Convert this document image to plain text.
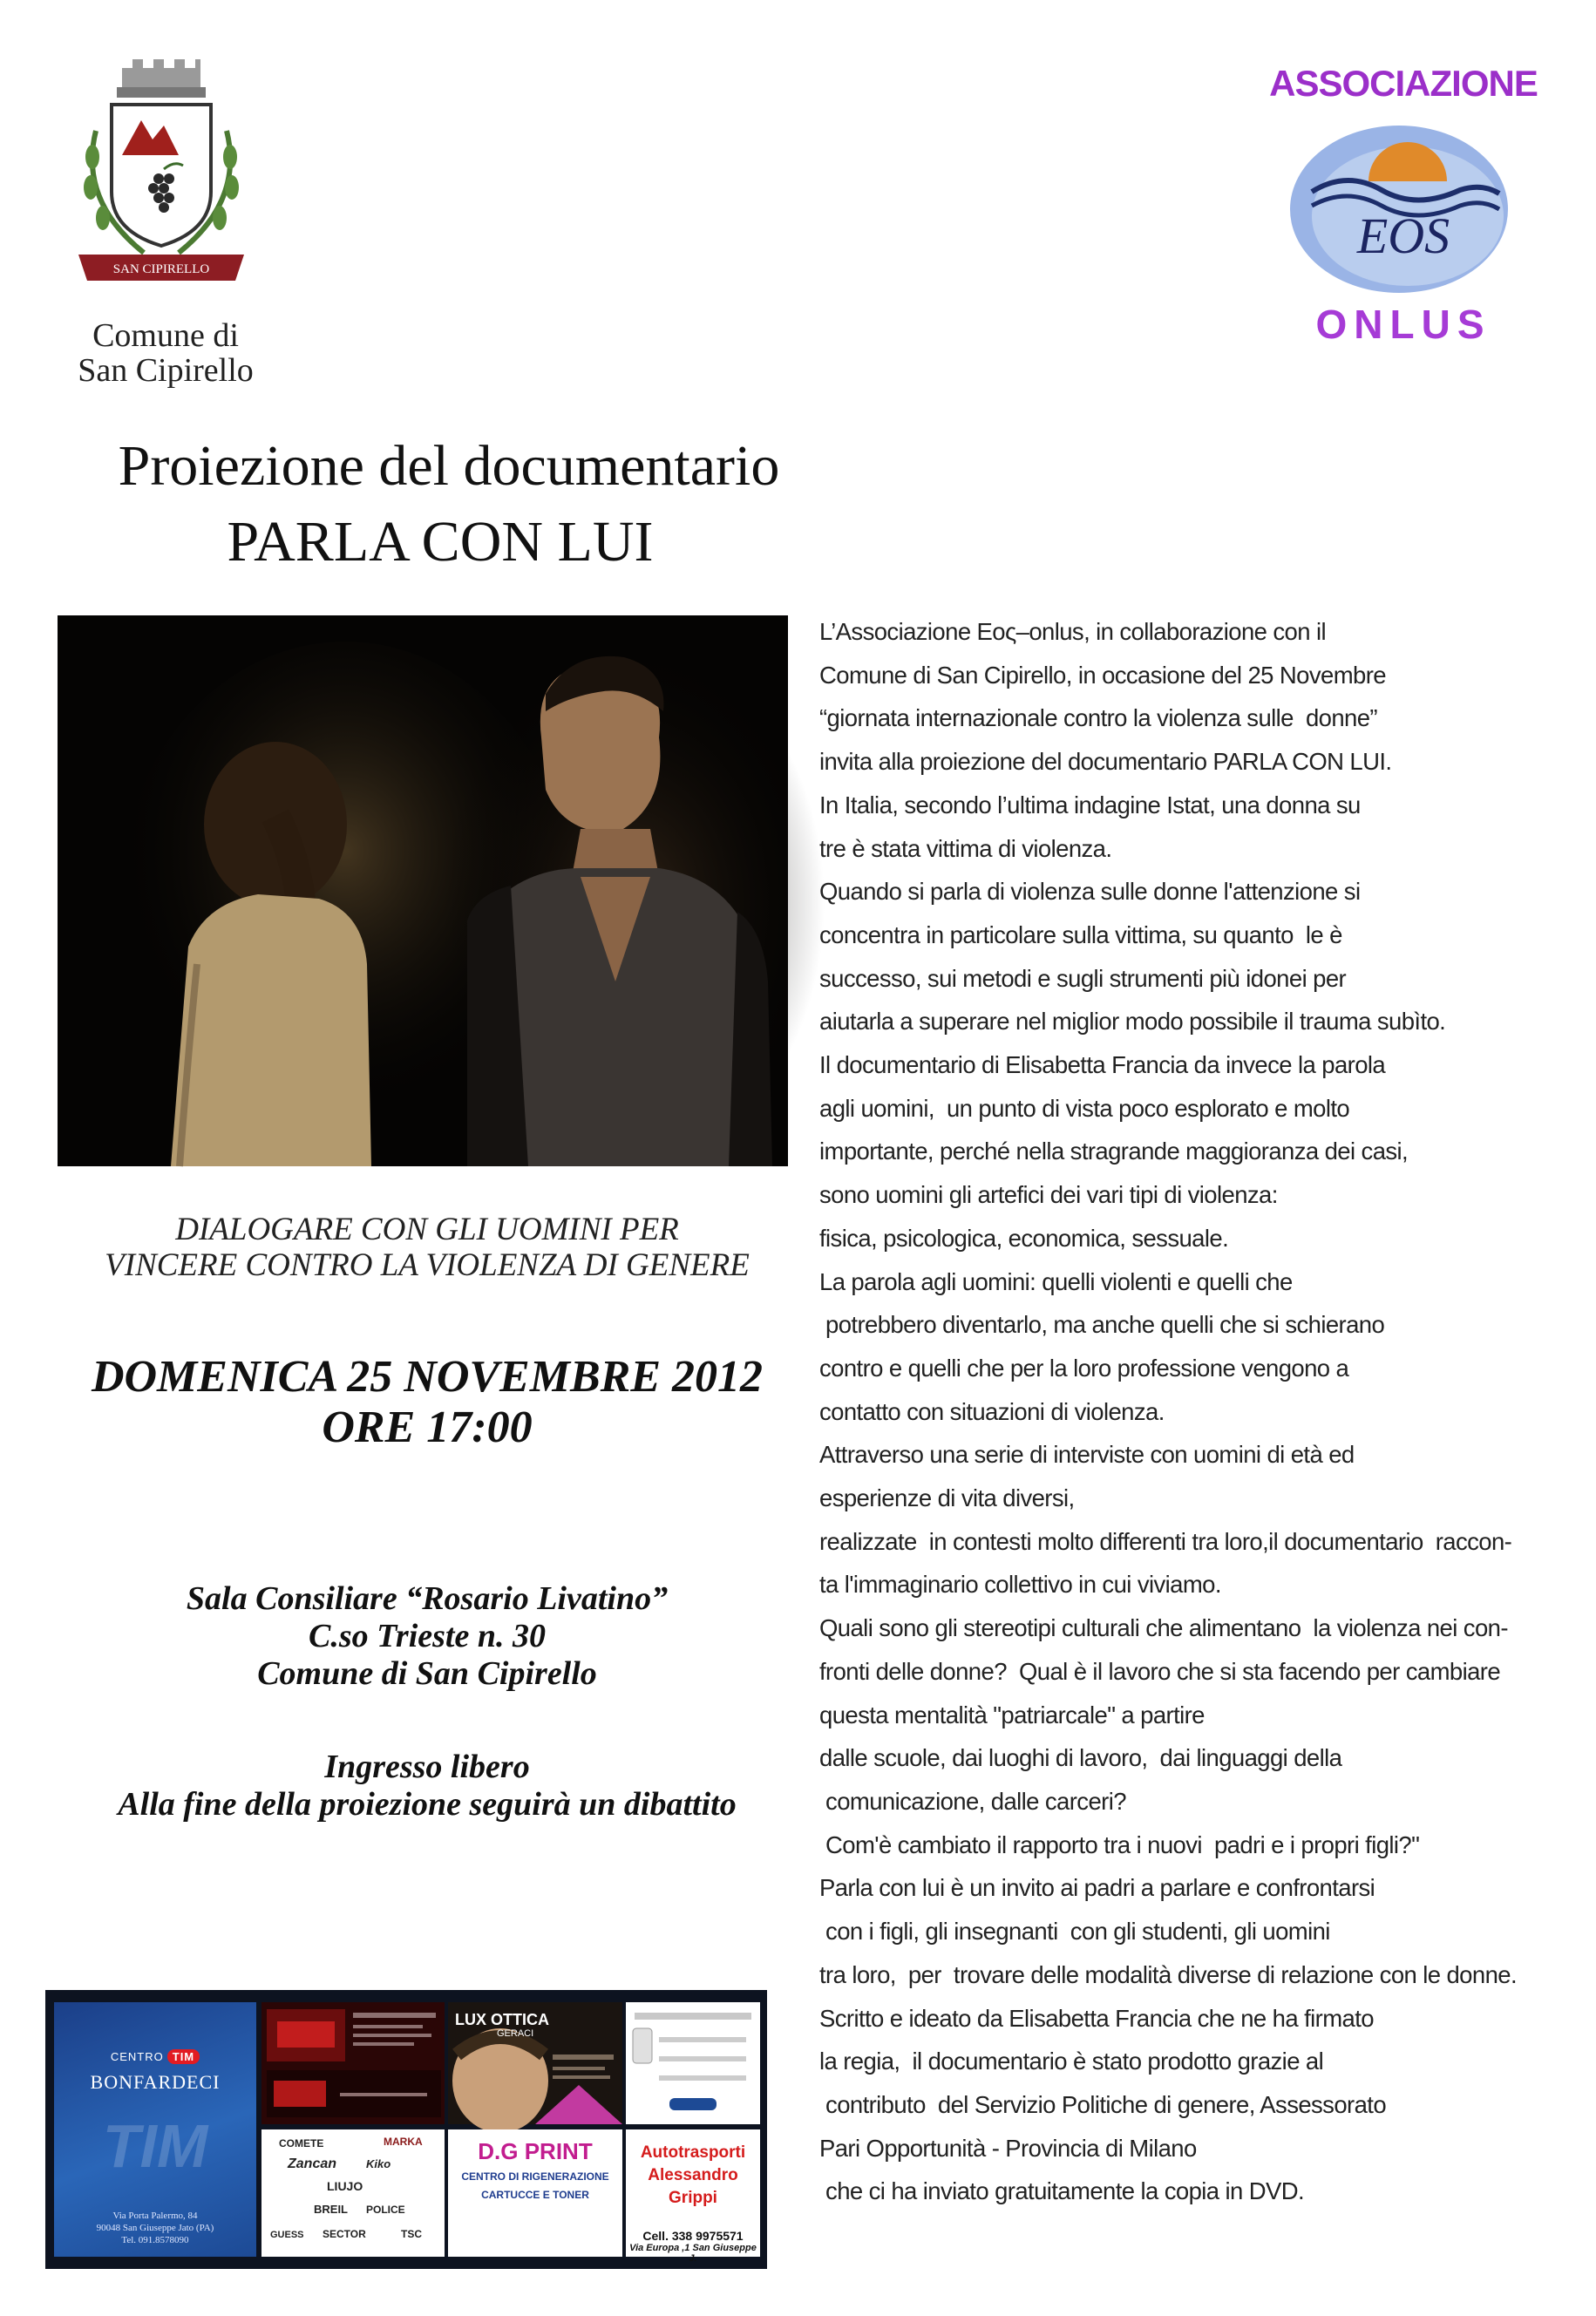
SAN CIPIRELLO
Comune di
San Cipirello
ASSOCIAZIONE
EOS
ONLUS
Proiezione del documentario
PARLA CON LUI
DIALOGARE CON GLI UOMINI PER
VINCERE CONTRO LA VIOLENZA DI GENERE
DOMENICA 25 NOVEMBRE 2012
ORE 17:00
Sala Consiliare “Rosario Livatino”
C.so Trieste n. 30
Comune di San Cipirello
Ingresso libero
Alla fine della proiezione seguirà un dibattito
L’Associazione Εος–onlus, in collaborazione con il
Comune di San Cipirello, in occasione del 25 Novembre
“giornata internazionale contro la violenza sulle  donne”
invita alla proiezione del documentario PARLA CON LUI.
In Italia, secondo l’ultima indagine Istat, una donna su
tre è stata vittima di violenza.
Quando si parla di violenza sulle donne l'attenzione si
concentra in particolare sulla vittima, su quanto  le è
successo, sui metodi e sugli strumenti più idonei per
aiutarla a superare nel miglior modo possibile il trauma subìto.
Il documentario di Elisabetta Francia da invece la parola
agli uomini,  un punto di vista poco esplorato e molto
importante, perché nella stragrande maggioranza dei casi,
sono uomini gli artefici dei vari tipi di violenza:
fisica, psicologica, economica, sessuale.
La parola agli uomini: quelli violenti e quelli che
potrebbero diventarlo, ma anche quelli che si schierano
contro e quelli che per la loro professione vengono a
contatto con situazioni di violenza.
Attraverso una serie di interviste con uomini di età ed
esperienze di vita diversi,
realizzate  in contesti molto differenti tra loro,il documentario  raccon-
ta l'immaginario collettivo in cui viviamo.
Quali sono gli stereotipi culturali che alimentano  la violenza nei con-
fronti delle donne?  Qual è il lavoro che si sta facendo per cambiare
questa mentalità "patriarcale" a partire
dalle scuole, dai luoghi di lavoro,  dai linguaggi della
comunicazione, dalle carceri?
Com'è cambiato il rapporto tra i nuovi  padri e i propri figli?"
Parla con lui è un invito ai padri a parlare e confrontarsi
con i figli, gli insegnanti  con gli studenti, gli uomini
tra loro,  per  trovare delle modalità diverse di relazione con le donne.
Scritto e ideato da Elisabetta Francia che ne ha firmato
la regia,  il documentario è stato prodotto grazie al
contributo  del Servizio Politiche di genere, Assessorato
Pari Opportunità - Provincia di Milano
che ci ha inviato gratuitamente la copia in DVD.
CENTRO TIM
BONFARDECI
TIM
Via Porta Palermo, 84
90048 San Giuseppe Jato (PA)
Tel. 091.8578090
LUX OTTICA
GERACI
COMETE	MARKA
Zancan	Kiko
LIUJO
BREIL POLICE
SECTOR	TSC
GUESS
D.G PRINT
CENTRO DI RIGENERAZIONE
CARTUCCE E TONER
Autotrasporti
Alessandro Grippi
Cell. 338 9975571
Via Europa ,1 San Giuseppe J.
